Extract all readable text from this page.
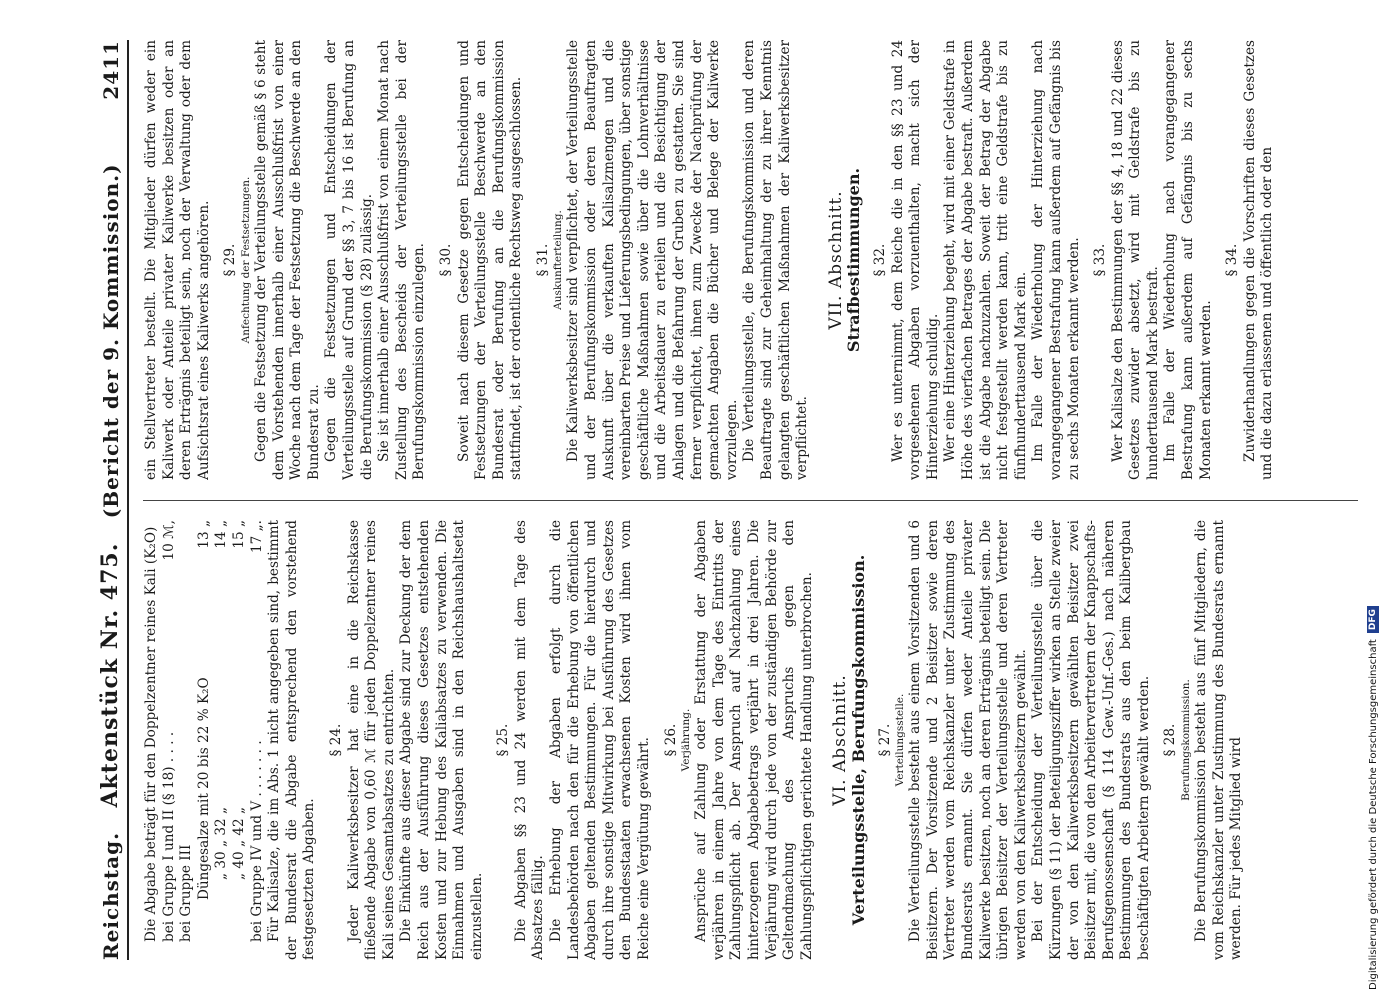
Reichstag.
Aktenstück Nr. 475.
(Bericht der 9. Kommission.)        2411

Die Abgabe beträgt für den Doppelzentner reines Kali (K₂O) bei Gruppe I und II (§ 18) . . . .
10 ℳ,
bei Gruppe III Düngesalze mit 20 bis 22 % K₂O
13 „
„ 30 „ 32 „
14 „
„ 40 „ 42 „
15 „
bei Gruppe IV und V . . . . . . .
17 „. Für Kalisalze, die im Abs. 1 nicht angegeben sind, bestimmt der Bundesrat die Abgabe entsprechend den vorstehend festgesetzten Abgaben.

§ 24. Jeder Kaliwerksbesitzer hat eine in die Reichskasse fließende Abgabe von 0,60 ℳ für jeden Doppelzentner reines Kali seines Gesamtabsatzes zu entrichten. Die Einkünfte aus dieser Abgabe sind zur Deckung der dem Reich aus der Ausführung dieses Gesetzes entstehenden Kosten und zur Hebung des Kaliabsatzes zu verwenden. Die Einnahmen und Ausgaben sind in den Reichshaushaltsetat einzustellen.

§ 25. Die Abgaben §§ 23 und 24 werden mit dem Tage des Absatzes fällig. Die Erhebung der Abgaben erfolgt durch die Landesbehörden nach den für die Erhebung von öffentlichen Abgaben geltenden Bestimmungen. Für die hierdurch und durch ihre sonstige Mitwirkung bei Ausführung des Gesetzes den Bundesstaaten erwachsenen Kosten wird ihnen vom Reiche eine Vergütung gewährt. § 26. Verjährung. Ansprüche auf Zahlung oder Erstattung der Abgaben verjähren in einem Jahre von dem Tage des Eintritts der Zahlungspflicht ab. Der Anspruch auf Nachzahlung eines hinterzogenen Abgabebetrags verjährt in drei Jahren. Die Verjährung wird durch jede von der zuständigen Behörde zur Geltendmachung des Anspruchs gegen den Zahlungspflichtigen gerichtete Handlung unterbrochen. VI. Abschnitt.

Verteilungsstelle, Berufungskommission. § 27. Verteilungsstelle. Die Verteilungsstelle besteht aus einem Vorsitzenden und 6 Beisitzern. Der Vorsitzende und 2 Beisitzer sowie deren Vertreter werden vom Reichskanzler unter Zustimmung des Bundesrats ernannt. Sie dürfen weder Anteile privater Kaliwerke besitzen, noch an deren Erträgnis beteiligt sein. Die übrigen Beisitzer der Verteilungsstelle und deren Vertreter werden von den Kaliwerksbesitzern gewählt. Bei der Entscheidung der Verteilungsstelle über die Kürzungen (§ 11) der Beteiligungsziffer wirken an Stelle zweier der von den Kaliwerksbesitzern gewählten Beisitzer zwei Beisitzer mit, die von den Arbeitervertretern der Knappschafts-Berufsgenossenschaft (§ 114 Gew.-Unf.-Ges.) nach näheren Bestimmungen des Bundesrats aus den beim Kalibergbau beschäftigten Arbeitern gewählt werden. § 28. Berufungskommission. Die Berufungskommission besteht aus fünf Mitgliedern, die vom Reichskanzler unter Zustimmung des Bundesrats ernannt werden. Für jedes Mitglied wird

ein Stellvertreter bestellt. Die Mitglieder dürfen weder ein Kaliwerk oder Anteile privater Kaliwerke besitzen oder an deren Erträgnis beteiligt sein, noch der Verwaltung oder dem Aufsichtsrat eines Kaliwerks angehören. § 29. Anfechtung der Festsetzungen. Gegen die Festsetzung der Verteilungsstelle gemäß § 6 steht dem Vorstehenden innerhalb einer Ausschlußfrist von einer Woche nach dem Tage der Festsetzung die Beschwerde an den Bundesrat zu. Gegen die Festsetzungen und Entscheidungen der Verteilungsstelle auf Grund der §§ 3, 7 bis 16 ist Berufung an die Berufungskommission (§ 28) zulässig. Sie ist innerhalb einer Ausschlußfrist von einem Monat nach Zustellung des Bescheids der Verteilungsstelle bei der Berufungskommission einzulegen. § 30. Soweit nach diesem Gesetze gegen Entscheidungen und Festsetzungen der Verteilungsstelle Beschwerde an den Bundesrat oder Berufung an die Berufungskommission stattfindet, ist der ordentliche Rechtsweg ausgeschlossen. § 31. Auskunfterteilung. Die Kaliwerksbesitzer sind verpflichtet, der Verteilungsstelle und der Berufungskommission oder deren Beauftragten Auskunft über die verkauften Kalisalzmengen und die vereinbarten Preise und Lieferungsbedingungen, über sonstige geschäftliche Maßnahmen sowie über die Lohnverhältnisse und die Arbeitsdauer zu erteilen und die Besichtigung der Anlagen und die Befahrung der Gruben zu gestatten. Sie sind ferner verpflichtet, ihnen zum Zwecke der Nachprüfung der gemachten Angaben die Bücher und Belege der Kaliwerke vorzulegen. Die Verteilungsstelle, die Berufungskommission und deren Beauftragte sind zur Geheimhaltung der zu ihrer Kenntnis gelangten geschäftlichen Maßnahmen der Kaliwerksbesitzer verpflichtet.

VII. Abschnitt.

Strafbestimmungen. § 32. Wer es unternimmt, dem Reiche die in den §§ 23 und 24 vorgesehenen Abgaben vorzuenthalten, macht sich der Hinterziehung schuldig. Wer eine Hinterziehung begeht, wird mit einer Geldstrafe in Höhe des vierfachen Betrages der Abgabe bestraft. Außerdem ist die Abgabe nachzuzahlen. Soweit der Betrag der Abgabe nicht festgestellt werden kann, tritt eine Geldstrafe bis zu fünfhunderttausend Mark ein. Im Falle der Wiederholung der Hinterziehung nach vorangegangener Bestrafung kann außerdem auf Gefängnis bis zu sechs Monaten erkannt werden. § 33. Wer Kalisalze den Bestimmungen der §§ 4, 18 und 22 dieses Gesetzes zuwider absetzt, wird mit Geldstrafe bis zu hunderttausend Mark bestraft. Im Falle der Wiederholung nach vorangegangener Bestrafung kann außerdem auf Gefängnis bis zu sechs Monaten erkannt werden.

§ 34. Zuwiderhandlungen gegen die Vorschriften dieses Gesetzes und die dazu erlassenen und öffentlich oder den

Digitalisierung gefördert durch die Deutsche Forschungsgemeinschaft
DFG
